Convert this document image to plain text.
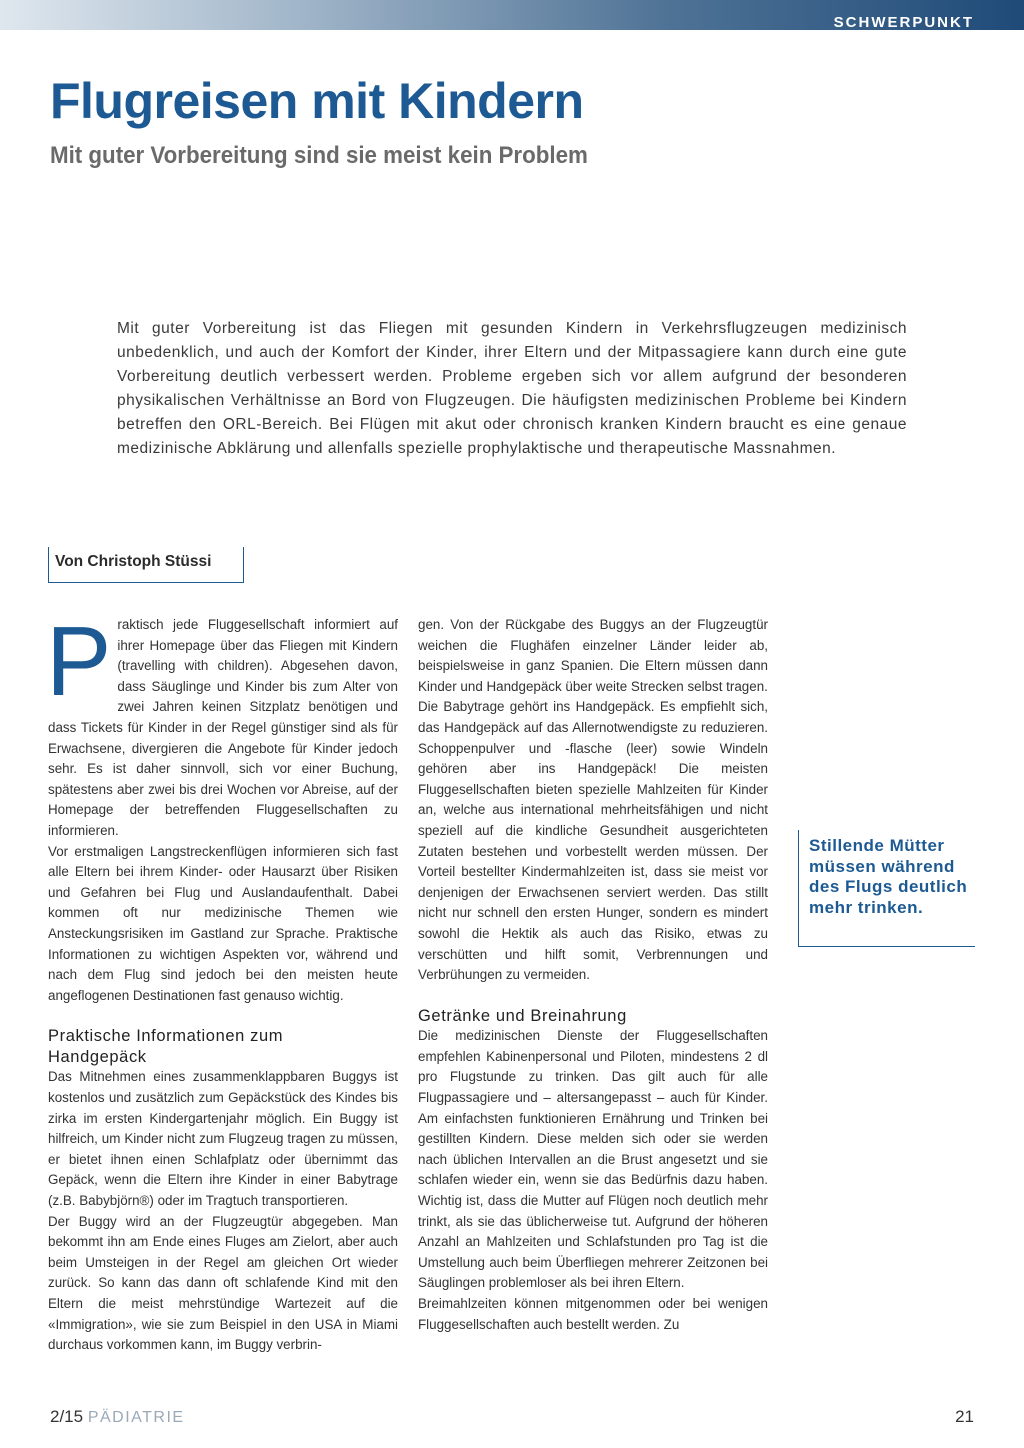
SCHWERPUNKT
Flugreisen mit Kindern
Mit guter Vorbereitung sind sie meist kein Problem

Mit guter Vorbereitung ist das Fliegen mit gesunden Kindern in Verkehrsflugzeugen medizinisch unbedenklich, und auch der Komfort der Kinder, ihrer Eltern und der Mitpassagiere kann durch eine gute Vorbereitung deutlich verbessert werden. Probleme ergeben sich vor allem aufgrund der besonderen physikalischen Verhältnisse an Bord von Flugzeugen. Die häufigsten medizinischen Probleme bei Kindern betreffen den ORL-Bereich. Bei Flügen mit akut oder chronisch kranken Kindern braucht es eine genaue medizinische Abklärung und allenfalls spezielle prophylaktische und therapeutische Massnahmen.

Von Christoph Stüssi

Praktisch jede Fluggesellschaft informiert auf ihrer Homepage über das Fliegen mit Kindern (travelling with children). Abgesehen davon, dass Säuglinge und Kinder bis zum Alter von zwei Jahren keinen Sitzplatz benötigen und dass Tickets für Kinder in der Regel günstiger sind als für Erwachsene, divergieren die Angebote für Kinder jedoch sehr. Es ist daher sinnvoll, sich vor einer Buchung, spätestens aber zwei bis drei Wochen vor Abreise, auf der Homepage der betreffenden Fluggesellschaften zu informieren.

Vor erstmaligen Langstreckenflügen informieren sich fast alle Eltern bei ihrem Kinder- oder Hausarzt über Risiken und Gefahren bei Flug und Auslandaufenthalt. Dabei kommen oft nur medizinische Themen wie Ansteckungsrisiken im Gastland zur Sprache. Praktische Informationen zu wichtigen Aspekten vor, während und nach dem Flug sind jedoch bei den meisten heute angeflogenen Destinationen fast genauso wichtig.

Praktische Informationen zum Handgepäck

Das Mitnehmen eines zusammenklappbaren Buggys ist kostenlos und zusätzlich zum Gepäckstück des Kindes bis zirka im ersten Kindergartenjahr möglich. Ein Buggy ist hilfreich, um Kinder nicht zum Flugzeug tragen zu müssen, er bietet ihnen einen Schlafplatz oder übernimmt das Gepäck, wenn die Eltern ihre Kinder in einer Babytrage (z.B. Babybjörn®) oder im Tragtuch transportieren.

Der Buggy wird an der Flugzeugtür abgegeben. Man bekommt ihn am Ende eines Fluges am Zielort, aber auch beim Umsteigen in der Regel am gleichen Ort wieder zurück. So kann das dann oft schlafende Kind mit den Eltern die meist mehrstündige Wartezeit auf die «Immigration», wie sie zum Beispiel in den USA in Miami durchaus vorkommen kann, im Buggy verbrin-

gen. Von der Rückgabe des Buggys an der Flugzeugtür weichen die Flughäfen einzelner Länder leider ab, beispielsweise in ganz Spanien. Die Eltern müssen dann Kinder und Handgepäck über weite Strecken selbst tragen.

Die Babytrage gehört ins Handgepäck. Es empfiehlt sich, das Handgepäck auf das Allernotwendigste zu reduzieren. Schoppenpulver und -flasche (leer) sowie Windeln gehören aber ins Handgepäck! Die meisten Fluggesellschaften bieten spezielle Mahlzeiten für Kinder an, welche aus international mehrheitsfähigen und nicht speziell auf die kindliche Gesundheit ausgerichteten Zutaten bestehen und vorbestellt werden müssen. Der Vorteil bestellter Kindermahlzeiten ist, dass sie meist vor denjenigen der Erwachsenen serviert werden. Das stillt nicht nur schnell den ersten Hunger, sondern es mindert sowohl die Hektik als auch das Risiko, etwas zu verschütten und hilft somit, Verbrennungen und Verbrühungen zu vermeiden.

Getränke und Breinahrung

Die medizinischen Dienste der Fluggesellschaften empfehlen Kabinenpersonal und Piloten, mindestens 2 dl pro Flugstunde zu trinken. Das gilt auch für alle Flugpassagiere und – altersangepasst – auch für Kinder. Am einfachsten funktionieren Ernährung und Trinken bei gestillten Kindern. Diese melden sich oder sie werden nach üblichen Intervallen an die Brust angesetzt und sie schlafen wieder ein, wenn sie das Bedürfnis dazu haben. Wichtig ist, dass die Mutter auf Flügen noch deutlich mehr trinkt, als sie das üblicherweise tut. Aufgrund der höheren Anzahl an Mahlzeiten und Schlafstunden pro Tag ist die Umstellung auch beim Überfliegen mehrerer Zeitzonen bei Säuglingen problemloser als bei ihren Eltern.

Breimahlzeiten können mitgenommen oder bei wenigen Fluggesellschaften auch bestellt werden. Zu

Stillende Mütter müssen während des Flugs deutlich mehr trinken.
2/15 PÄDIATRIE	21
